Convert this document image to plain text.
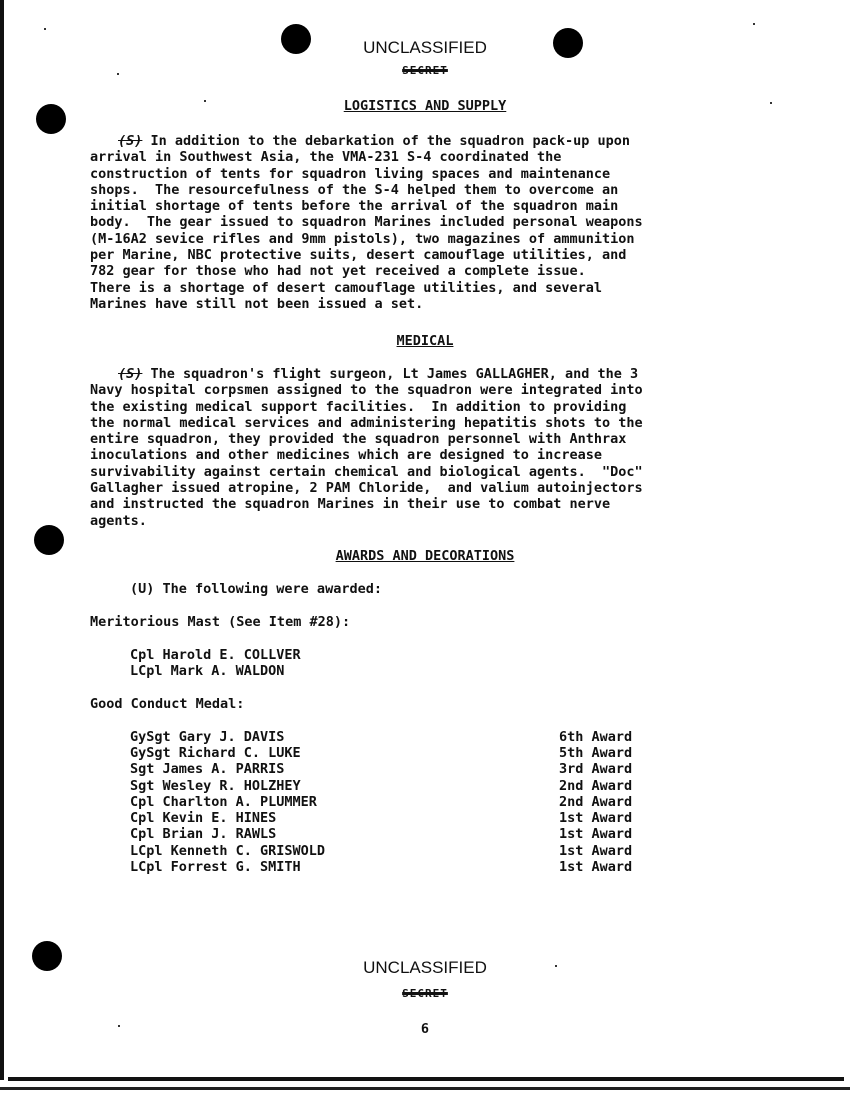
UNCLASSIFIED
SECRET
LOGISTICS AND SUPPLY
(S) In addition to the debarkation of the squadron pack-up upon
arrival in Southwest Asia, the VMA-231 S-4 coordinated the
construction of tents for squadron living spaces and maintenance
shops.  The resourcefulness of the S-4 helped them to overcome an
initial shortage of tents before the arrival of the squadron main
body.  The gear issued to squadron Marines included personal weapons
(M-16A2 sevice rifles and 9mm pistols), two magazines of ammunition
per Marine, NBC protective suits, desert camouflage utilities, and
782 gear for those who had not yet received a complete issue.
There is a shortage of desert camouflage utilities, and several
Marines have still not been issued a set.
MEDICAL
(S) The squadron's flight surgeon, Lt James GALLAGHER, and the 3
Navy hospital corpsmen assigned to the squadron were integrated into
the existing medical support facilities.  In addition to providing
the normal medical services and administering hepatitis shots to the
entire squadron, they provided the squadron personnel with Anthrax
inoculations and other medicines which are designed to increase
survivability against certain chemical and biological agents.  "Doc"
Gallagher issued atropine, 2 PAM Chloride,  and valium autoinjectors
and instructed the squadron Marines in their use to combat nerve
agents.
AWARDS AND DECORATIONS
(U) The following were awarded:
Meritorious Mast (See Item #28):
Cpl Harold E. COLLVER
LCpl Mark A. WALDON
Good Conduct Medal:
GySgt Gary J. DAVIS	6th Award
GySgt Richard C. LUKE	5th Award
Sgt James A. PARRIS	3rd Award
Sgt Wesley R. HOLZHEY	2nd Award
Cpl Charlton A. PLUMMER	2nd Award
Cpl Kevin E. HINES	1st Award
Cpl Brian J. RAWLS	1st Award
LCpl Kenneth C. GRISWOLD	1st Award
LCpl Forrest G. SMITH	1st Award
UNCLASSIFIED
SECRET
6
